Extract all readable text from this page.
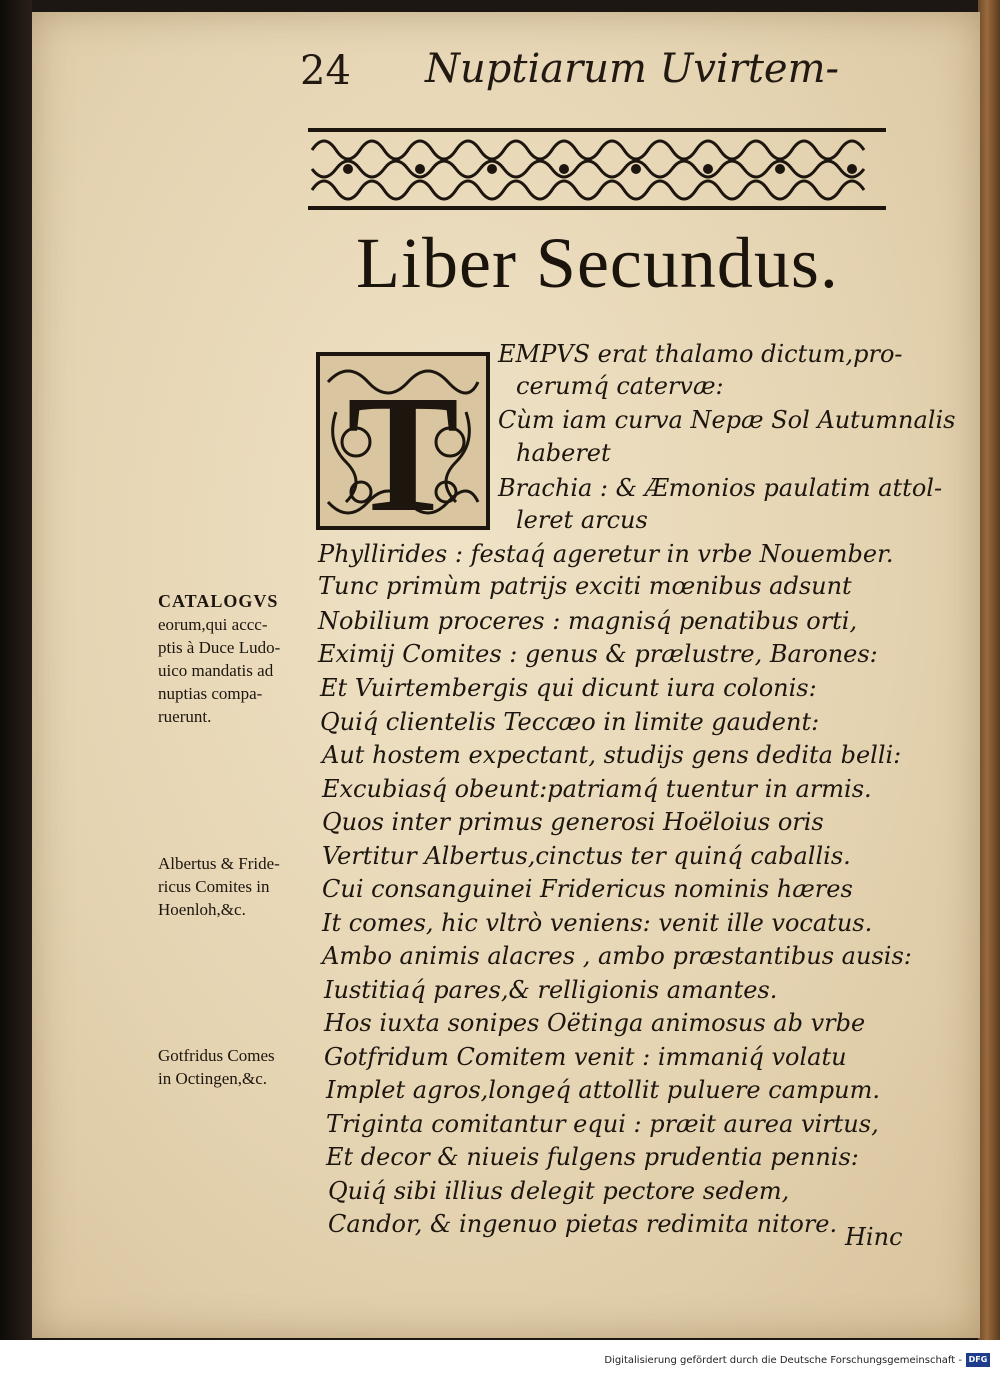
24 Nuptiarum Uvirtem-
Liber Secundus.
T
EMPVS erat thalamo dictum,pro-
cerumq́ catervæ:
Cùm iam curva Nepæ Sol Autumnalis
haberet
Brachia : & Æmonios paulatim attol-
leret arcus
Phyllirides : festaq́ ageretur in vrbe Nouember.
Tunc primùm patrijs exciti mœnibus adsunt
Nobilium proceres : magnisq́ penatibus orti,
Eximij Comites : genus & prælustre, Barones:
Et Vuirtembergis qui dicunt iura colonis:
Quiq́ clientelis Teccæo in limite gaudent:
Aut hostem expectant, studijs gens dedita belli:
Excubiasq́ obeunt:patriamq́ tuentur in armis.
Quos inter primus generosi Hoëloius oris
Vertitur Albertus,cinctus ter quinq́ caballis.
Cui consanguinei Fridericus nominis hæres
It comes, hic vltrò veniens: venit ille vocatus.
Ambo animis alacres , ambo præstantibus ausis:
Iustitiaq́ pares,& relligionis amantes.
Hos iuxta sonipes Oëtinga animosus ab vrbe
Gotfridum Comitem venit : immaniq́ volatu
Implet agros,longeq́ attollit puluere campum.
Triginta comitantur equi : præit aurea virtus,
Et decor & niueis fulgens prudentia pennis:
Quiq́ sibi illius delegit pectore sedem,
Candor, & ingenuo pietas redimita nitore.
CATALOGVS
eorum,qui accc-
ptis à Duce Ludo-
uico mandatis ad
nuptias compa-
ruerunt.
Albertus & Fride-
ricus Comites in
Hoenloh,&c.
Gotfridus Comes
in Octingen,&c.
Hinc
Digitalisierung gefördert durch die Deutsche Forschungsgemeinschaft - DFG
